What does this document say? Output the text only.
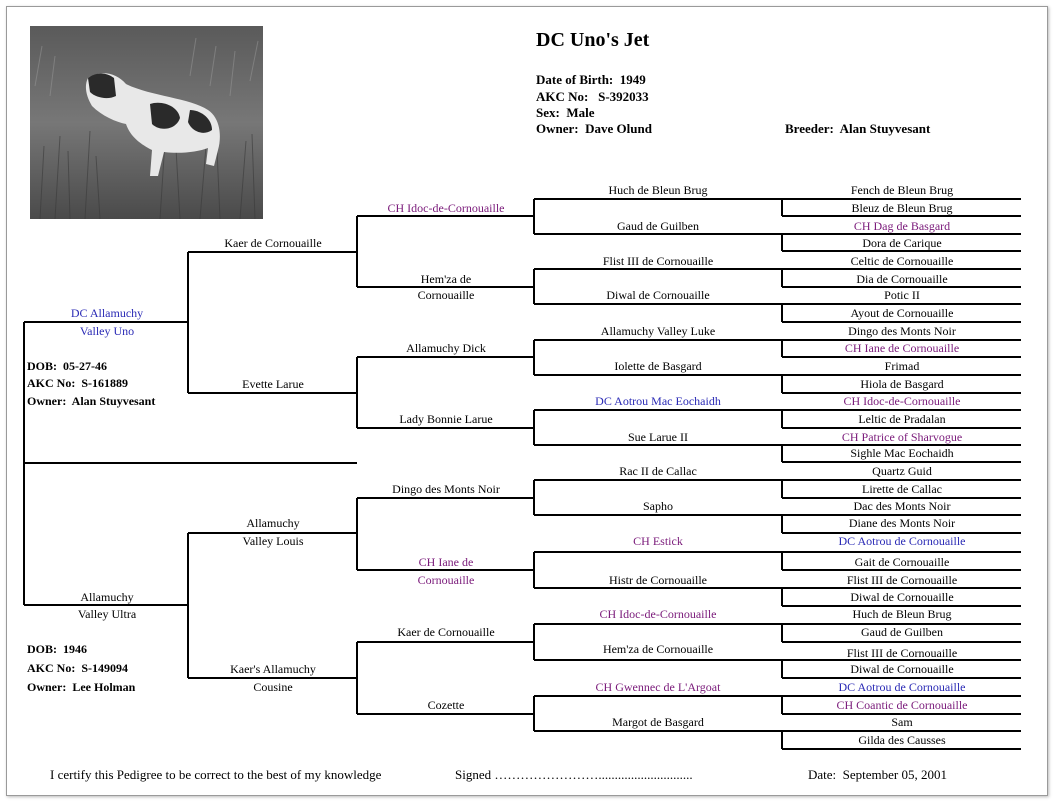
DC Uno's Jet
Date of Birth: 1949
AKC No: S-392033
Sex: Male
Owner: Dave Olund	Breeder: Alan Stuyvesant
DC Allamuchy
Valley Uno
DOB: 05-27-46
AKC No: S-161889
Owner: Alan Stuyvesant
Allamuchy
Valley Ultra
DOB: 1946
AKC No: S-149094
Owner: Lee Holman
Kaer de Cornouaille
Evette Larue
Allamuchy
Valley Louis
Kaer's Allamuchy
Cousine
CH Idoc-de-Cornouaille
Hem'za de
Cornouaille
Allamuchy Dick
Lady Bonnie Larue
Dingo des Monts Noir
CH Iane de
Cornouaille
Kaer de Cornouaille
Cozette
Huch de Bleun Brug
Gaud de Guilben
Flist III de Cornouaille
Diwal de Cornouaille
Allamuchy Valley Luke
Iolette de Basgard
DC Aotrou Mac Eochaidh
Sue Larue II
Rac II de Callac
Sapho
CH Estick
Histr de Cornouaille
CH Idoc-de-Cornouaille
Hem'za de Cornouaille
CH Gwennec de L'Argoat
Margot de Basgard
Fench de Bleun Brug
Bleuz de Bleun Brug
CH Dag de Basgard
Dora de Carique
Celtic de Cornouaille
Dia de Cornouaille
Potic II
Ayout de Cornouaille
Dingo des Monts Noir
CH Iane de Cornouaille
Frimad
Hiola de Basgard
CH Idoc-de-Cornouaille
Leltic de Pradalan
CH Patrice of Sharvogue
Sighle Mac Eochaidh
Quartz Guid
Lirette de Callac
Dac des Monts Noir
Diane des Monts Noir
DC Aotrou de Cornouaille
Gait de Cornouaille
Flist III de Cornouaille
Diwal de Cornouaille
Huch de Bleun Brug
Gaud de Guilben
Flist III de Cornouaille
Diwal de Cornouaille
DC Aotrou de Cornouaille
CH Coantic de Cornouaille
Sam
Gilda des Causses
I certify this Pedigree to be correct to the best of my knowledge	Signed …………………….............................	Date: September 05, 2001
